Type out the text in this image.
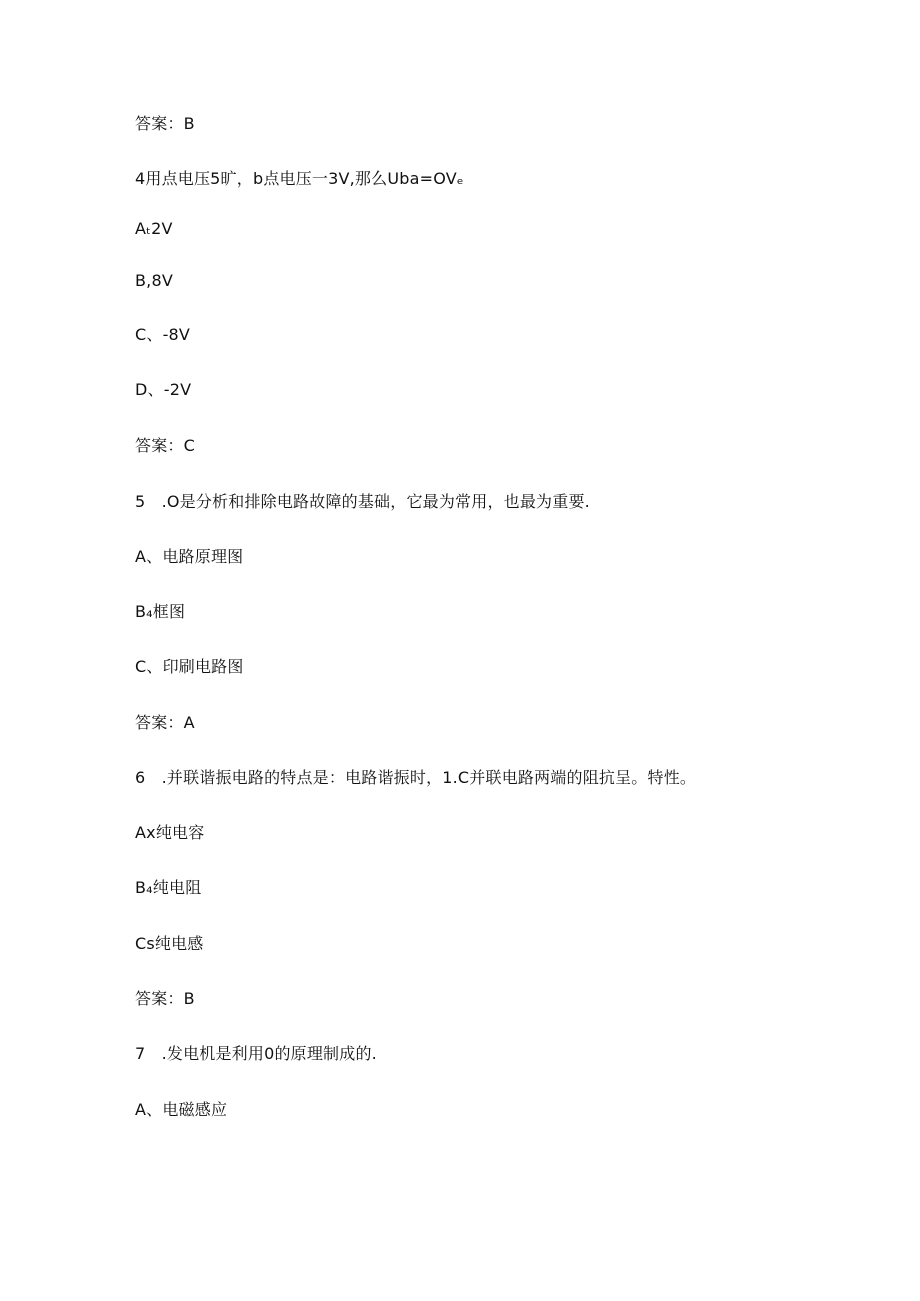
答案：B
4用点电压5旷，b点电压一3V,那么Uba=OVₑ
Aₜ2V
B,8V
C、-8V
D、-2V
答案：C
5　.O是分析和排除电路故障的基础，它最为常用，也最为重要.
A、电路原理图
B₄框图
C、印刷电路图
答案：A
6　.并联谐振电路的特点是：电路谐振时，1.C并联电路两端的阻抗呈。特性。
Ax纯电容
B₄纯电阻
Cs纯电感
答案：B
7　.发电机是利用0的原理制成的.
A、电磁感应
